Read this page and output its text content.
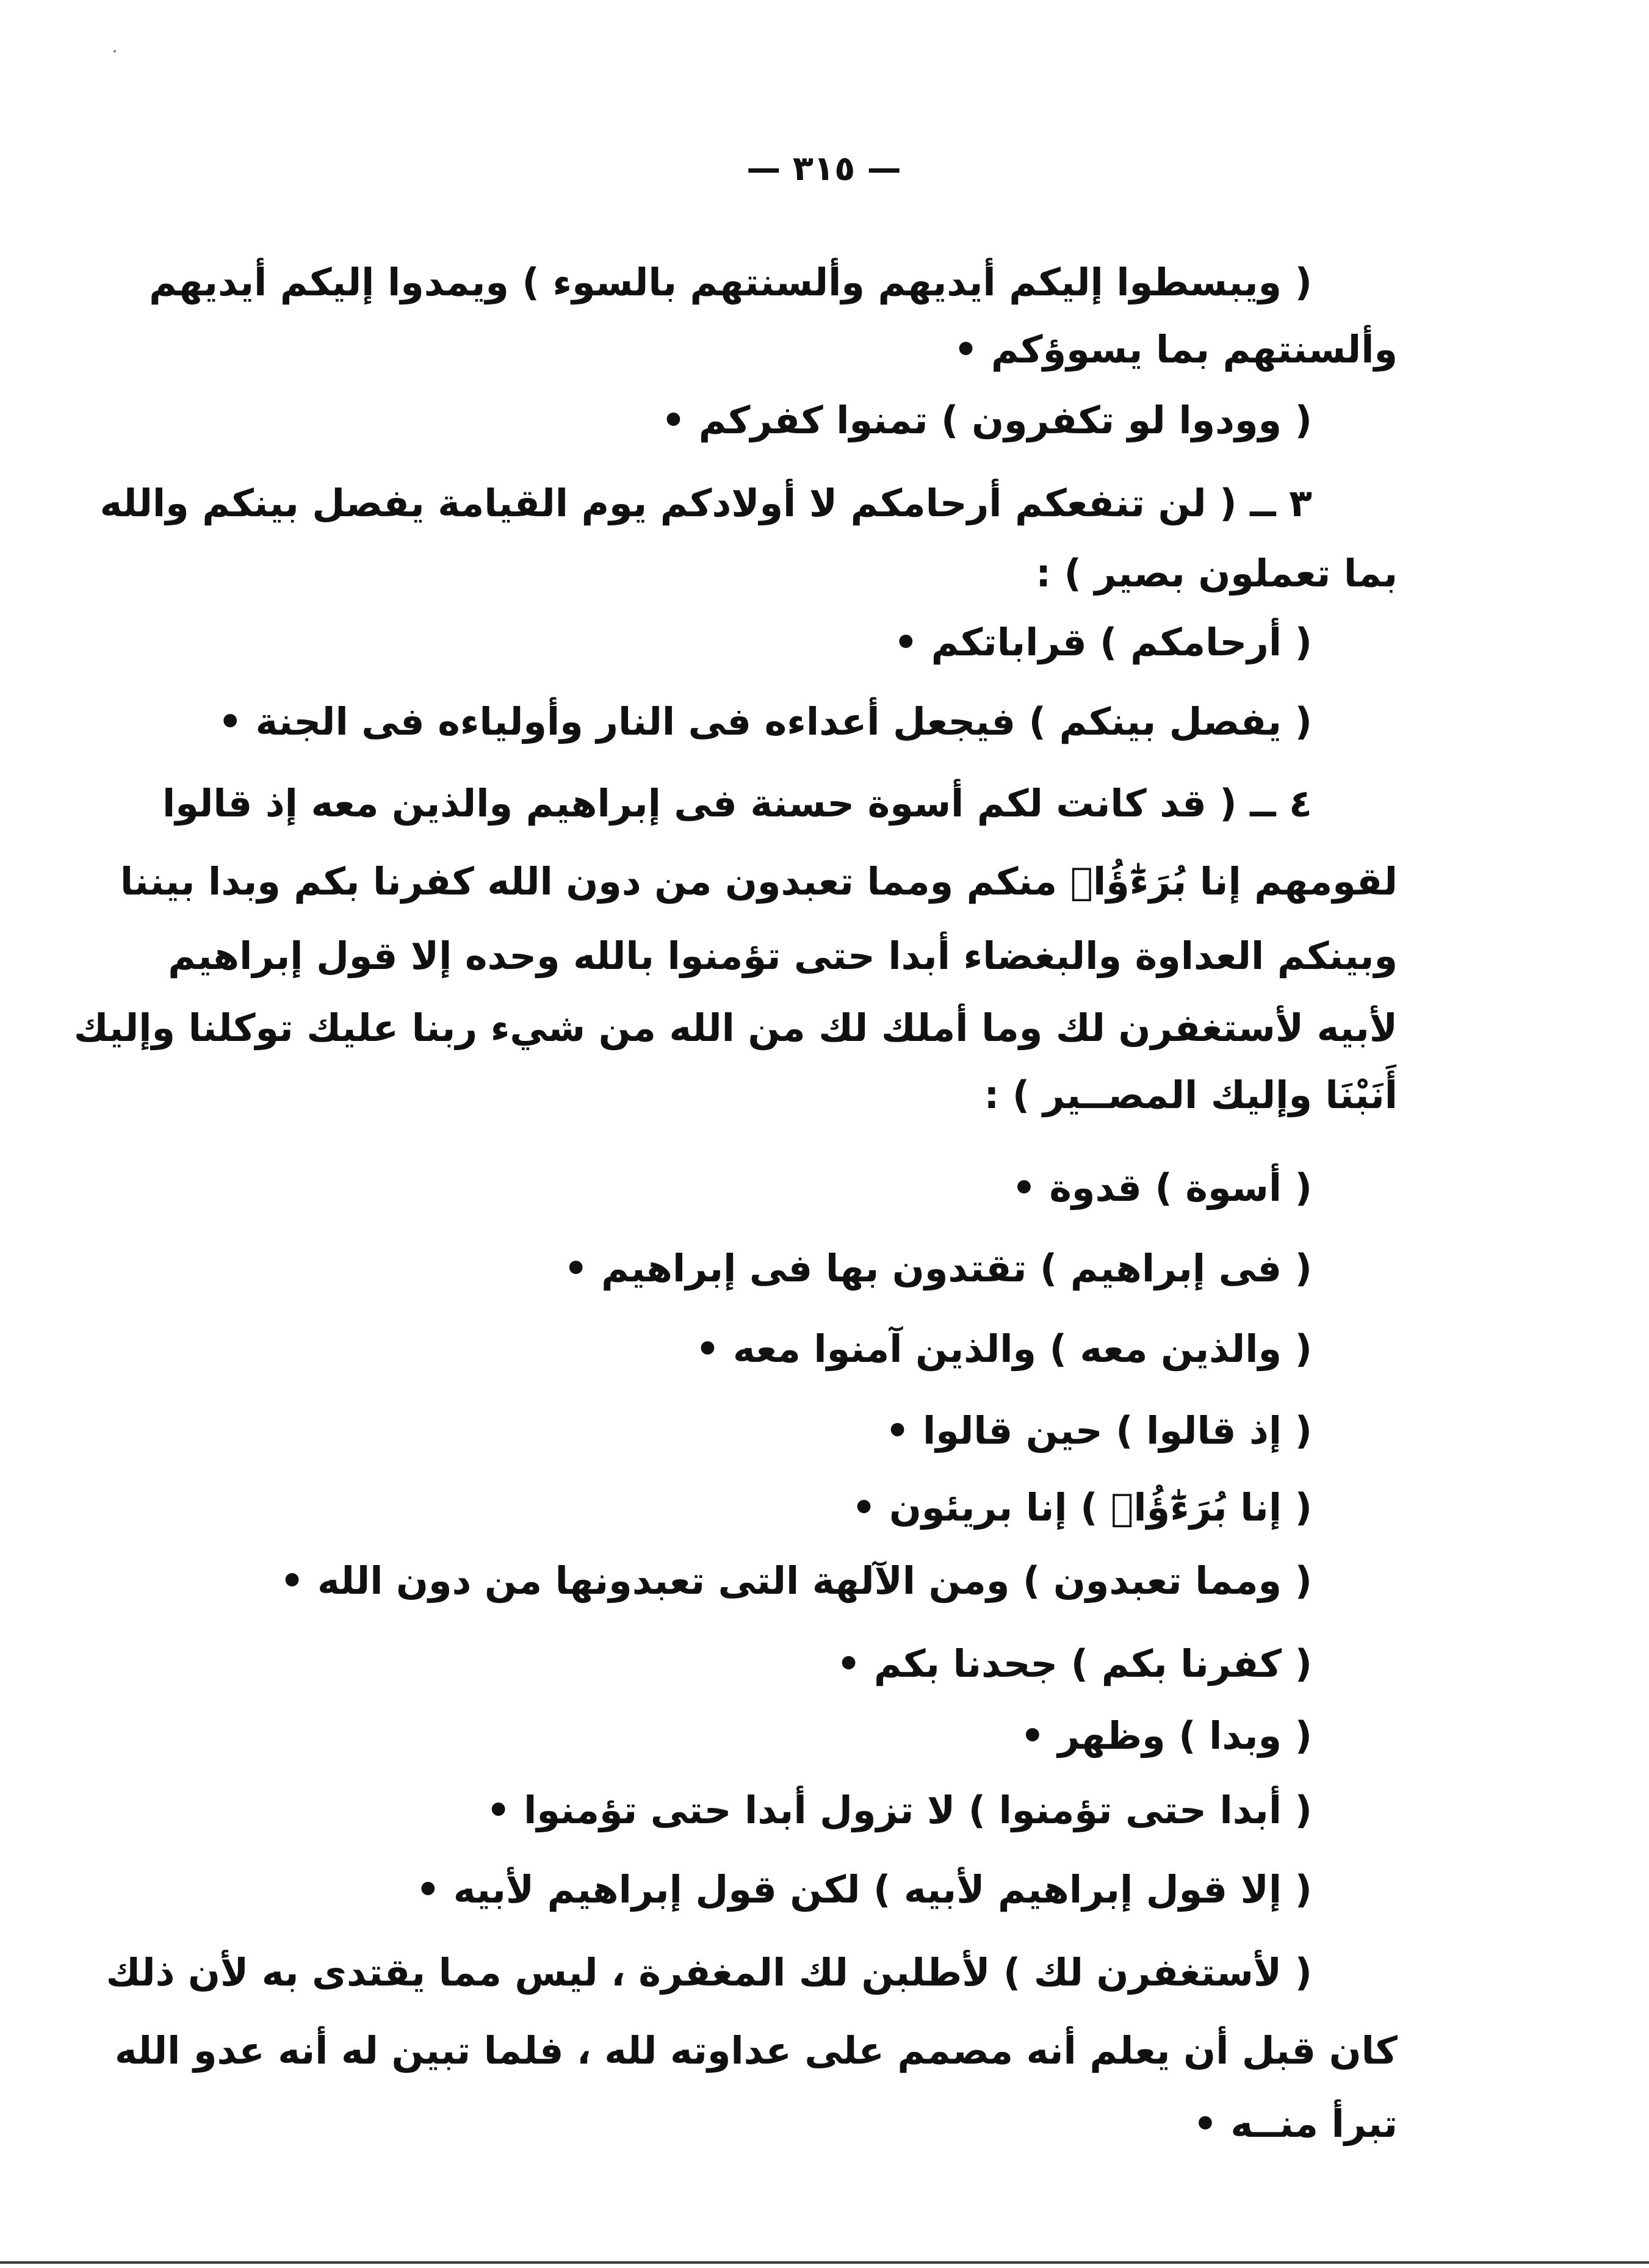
— ٣١٥ —

( ويبسطوا إليكم أيديهم وألسنتهم بالسوء ) ويمدوا إليكم أيديهم

وألسنتهم بما يسوؤكم •

( وودوا لو تكفرون ) تمنوا كفركم •

٣ ــ ( لن تنفعكم أرحامكم لا أولادكم يوم القيامة يفصل بينكم والله

بما تعملون بصير ) :

( أرحامكم ) قراباتكم •

( يفصل بينكم ) فيجعل أعداءه فى النار وأولياءه فى الجنة •

٤ ــ ( قد كانت لكم أسوة حسنة فى إبراهيم والذين معه إذ قالوا

لقومهم إنا بُرَءَٰٓؤُا۟ منكم ومما تعبدون من دون الله كفرنا بكم وبدا بيننا

وبينكم العداوة والبغضاء أبدا حتى تؤمنوا بالله وحده إلا قول إبراهيم

لأبيه لأستغفرن لك وما أملك لك من الله من شيء ربنا عليك توكلنا وإليك

أَنَبْنَا وإليك المصــير ) :

( أسوة ) قدوة •

( فى إبراهيم ) تقتدون بها فى إبراهيم •

( والذين معه ) والذين آمنوا معه •

( إذ قالوا ) حين قالوا •

( إنا بُرَءَٰٓؤُا۟ ) إنا بريئون •

( ومما تعبدون ) ومن الآلهة التى تعبدونها من دون الله •

( كفرنا بكم ) جحدنا بكم •

( وبدا ) وظهر •

( أبدا حتى تؤمنوا ) لا تزول أبدا حتى تؤمنوا •

( إلا قول إبراهيم لأبيه ) لكن قول إبراهيم لأبيه •

( لأستغفرن لك ) لأطلبن لك المغفرة ، ليس مما يقتدى به لأن ذلك

كان قبل أن يعلم أنه مصمم على عداوته لله ، فلما تبين له أنه عدو الله

تبرأ منــه •
